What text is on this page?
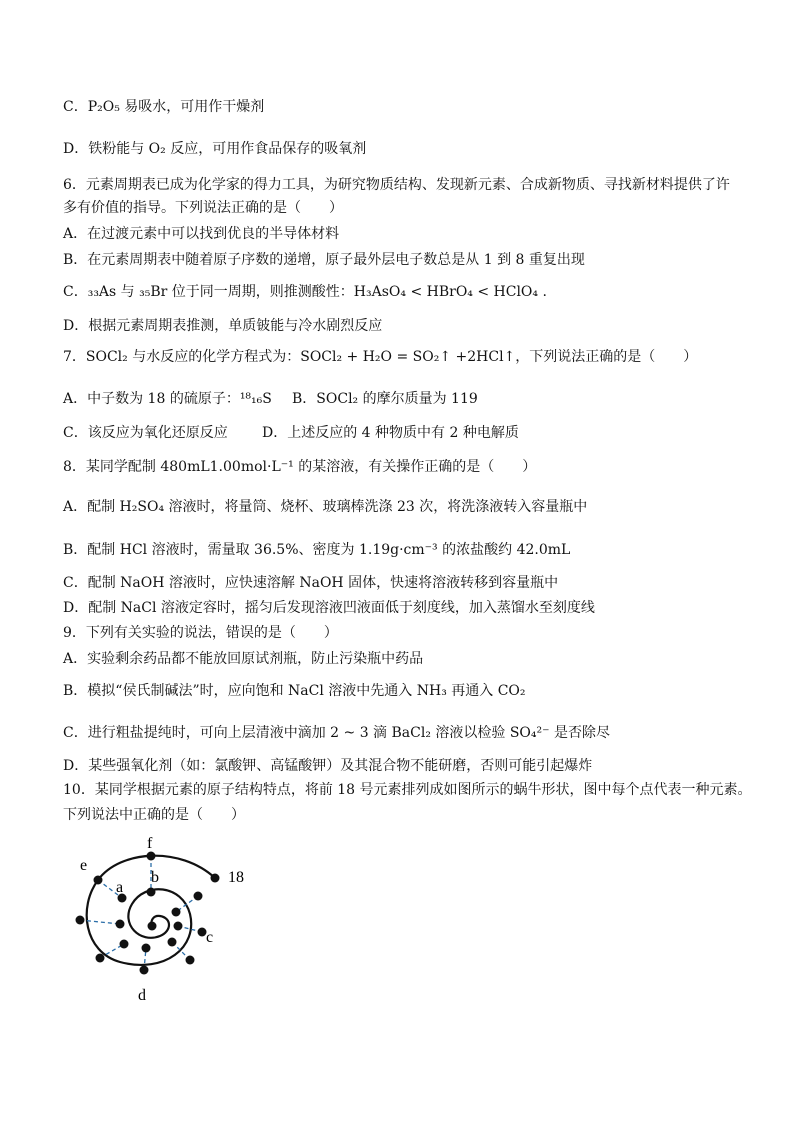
C．P₂O₅ 易吸水，可用作干燥剂
D．铁粉能与 O₂ 反应，可用作食品保存的吸氧剂
6．元素周期表已成为化学家的得力工具，为研究物质结构、发现新元素、合成新物质、寻找新材料提供了许
多有价值的指导。下列说法正确的是（　　）
A．在过渡元素中可以找到优良的半导体材料
B．在元素周期表中随着原子序数的递增，原子最外层电子数总是从 1 到 8 重复出现
C．₃₃As 与 ₃₅Br 位于同一周期，则推测酸性：H₃AsO₄ < HBrO₄ < HClO₄ .
D．根据元素周期表推测，单质铍能与冷水剧烈反应
7．SOCl₂ 与水反应的化学方程式为：SOCl₂ + H₂O = SO₂↑ +2HCl↑，下列说法正确的是（　　）
A．中子数为 18 的硫原子：¹⁸₁₆S B．SOCl₂ 的摩尔质量为 119
C．该反应为氧化还原反应 D．上述反应的 4 种物质中有 2 种电解质
8．某同学配制 480mL1.00mol·L⁻¹ 的某溶液，有关操作正确的是（　　）
A．配制 H₂SO₄ 溶液时，将量筒、烧杯、玻璃棒洗涤 23 次，将洗涤液转入容量瓶中
B．配制 HCl 溶液时，需量取 36.5%、密度为 1.19g·cm⁻³ 的浓盐酸约 42.0mL
C．配制 NaOH 溶液时，应快速溶解 NaOH 固体，快速将溶液转移到容量瓶中
D．配制 NaCl 溶液定容时，摇匀后发现溶液凹液面低于刻度线，加入蒸馏水至刻度线
9．下列有关实验的说法，错误的是（　　）
A．实验剩余药品都不能放回原试剂瓶，防止污染瓶中药品
B．模拟“侯氏制碱法”时，应向饱和 NaCl 溶液中先通入 NH₃ 再通入 CO₂
C．进行粗盐提纯时，可向上层清液中滴加 2 ~ 3 滴 BaCl₂ 溶液以检验 SO₄²⁻ 是否除尽
D．某些强氧化剂（如：氯酸钾、高锰酸钾）及其混合物不能研磨，否则可能引起爆炸
10．某同学根据元素的原子结构特点，将前 18 号元素排列成如图所示的蜗牛形状，图中每个点代表一种元素。
下列说法中正确的是（　　）
f
e
a
b
c
d
18
